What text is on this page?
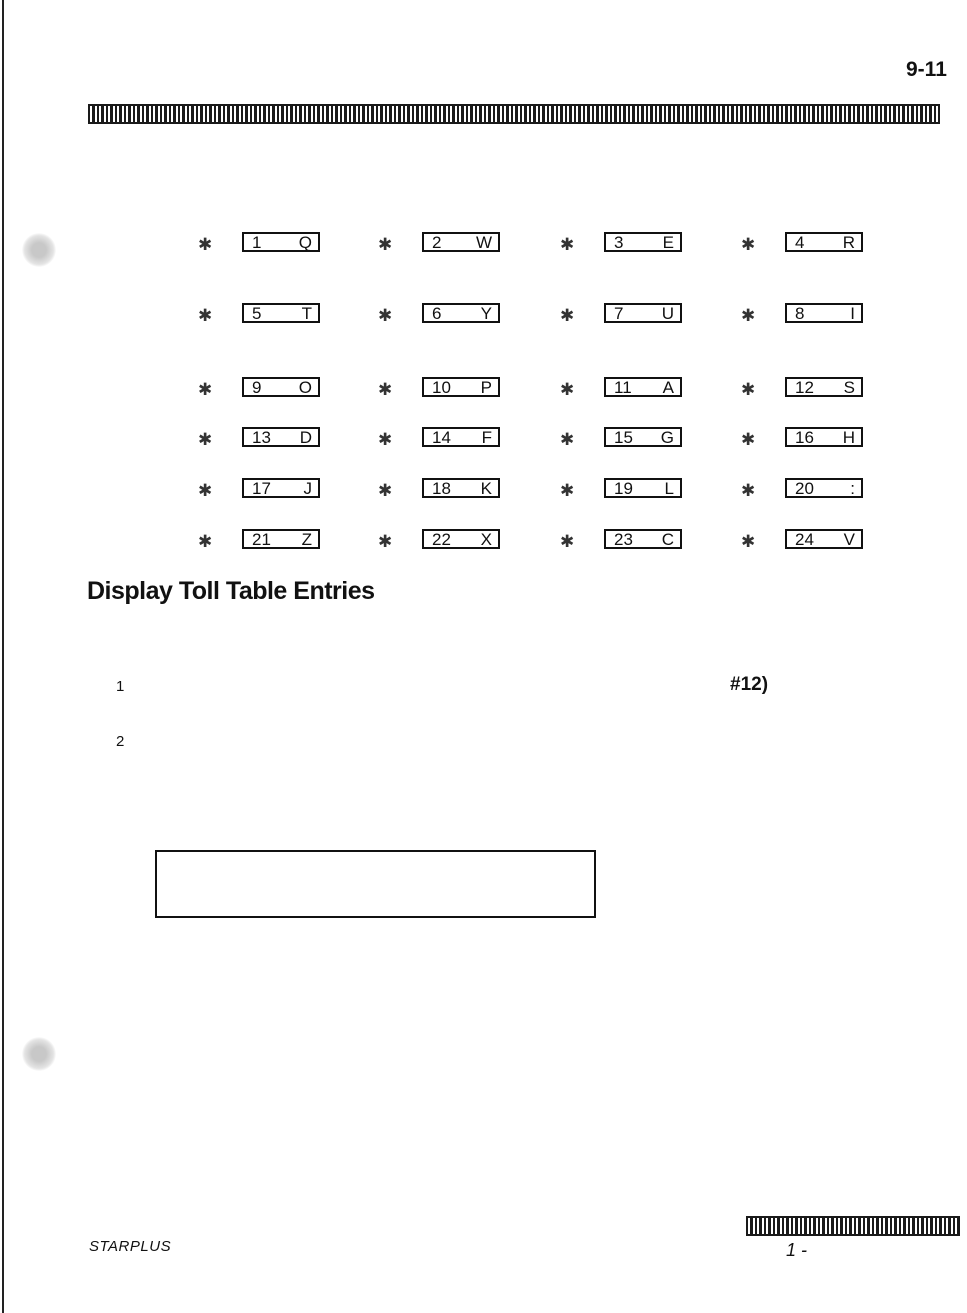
9-11
✱ 1 Q	✱ 2 W	✱ 3 E	✱ 4 R
✱ 5 T	✱ 6 Y	✱ 7 U	✱ 8	I
✱ 9 O	✱ 10 P	✱ 11 A	✱ 12 S
✱ 13 D	✱ 14 F	✱ 15 G	✱ 16 H
✱ 17 J	✱ 18 K	✱ 19 L	✱ 20 :
✱ 21 Z	✱ 22 X	✱ 23 C	✱ 24 V
Display Toll Table Entries
1	#12)
2
STARPLUS	1 -
